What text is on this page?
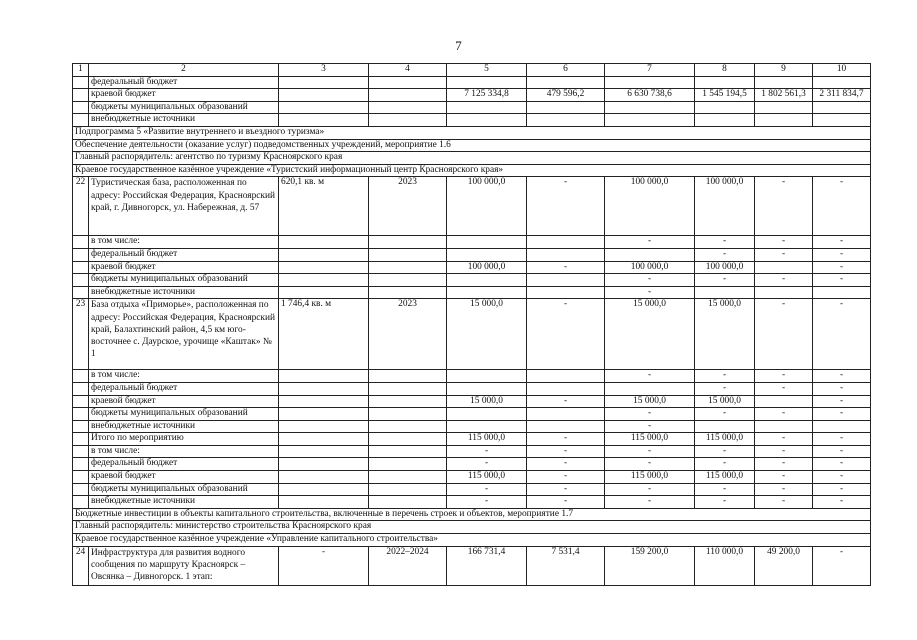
7
1	2	3	4	5	6	7	8	9	10
	федеральный бюджет								
	краевой бюджет			7 125 334,8	479 596,2	6 630 738,6	1 545 194,5	1 802 561,3	2 311 834,7
	бюджеты муниципальных образований								
	внебюджетные источники								
Подпрограмма 5 «Развитие внутреннего и въездного туризма»									
Обеспечение деятельности (оказание услуг) подведомственных учреждений, мероприятие 1.6									
Главный распорядитель: агентство по туризму Красноярского края									
Краевое государственное казённое учреждение «Туристский информационный центр Красноярского края»									
22	Туристическая база, расположенная по адресу: Российская Федерация, Красноярский край, г. Дивногорск, ул. Набережная, д. 57	620,1 кв. м	2023	100 000,0	-	100 000,0	100 000,0	-	-
	в том числе:					-	-	-	-
	федеральный бюджет						-	-	-
	краевой бюджет			100 000,0	-	100 000,0	100 000,0		-
	бюджеты муниципальных образований					-	-	-	-
	внебюджетные источники					-			
23	База отдыха «Приморье», расположенная по адресу: Российская Федерация, Красноярский край, Балахтинский район, 4,5 км юго-восточнее с. Даурское, урочище «Каштак» № 1	1 746,4 кв. м	2023	15 000,0	-	15 000,0	15 000,0	-	-
	в том числе:					-	-	-	-
	федеральный бюджет						-	-	-
	краевой бюджет			15 000,0	-	15 000,0	15 000,0		-
	бюджеты муниципальных образований					-	-	-	-
	внебюджетные источники					-			
	Итого по мероприятию			115 000,0	-	115 000,0	115 000,0	-	-
	в том числе:			-	-	-	-	-	-
	федеральный бюджет			-	-	-	-	-	-
	краевой бюджет			115 000,0	-	115 000,0	115 000,0	-	-
	бюджеты муниципальных образований			-	-	-	-	-	-
	внебюджетные источники			-	-	-	-	-	-
Бюджетные инвестиции в объекты капитального строительства, включенные в перечень строек и объектов, мероприятие 1.7									
Главный распорядитель: министерство строительства Красноярского края									
Краевое государственное казённое учреждение «Управление капитального строительства»									
24	Инфраструктура для развития водного сообщения по маршруту Красноярск – Овсянка – Дивногорск. 1 этап:	-	2022–2024	166 731,4	7 531,4	159 200,0	110 000,0	49 200,0	-
